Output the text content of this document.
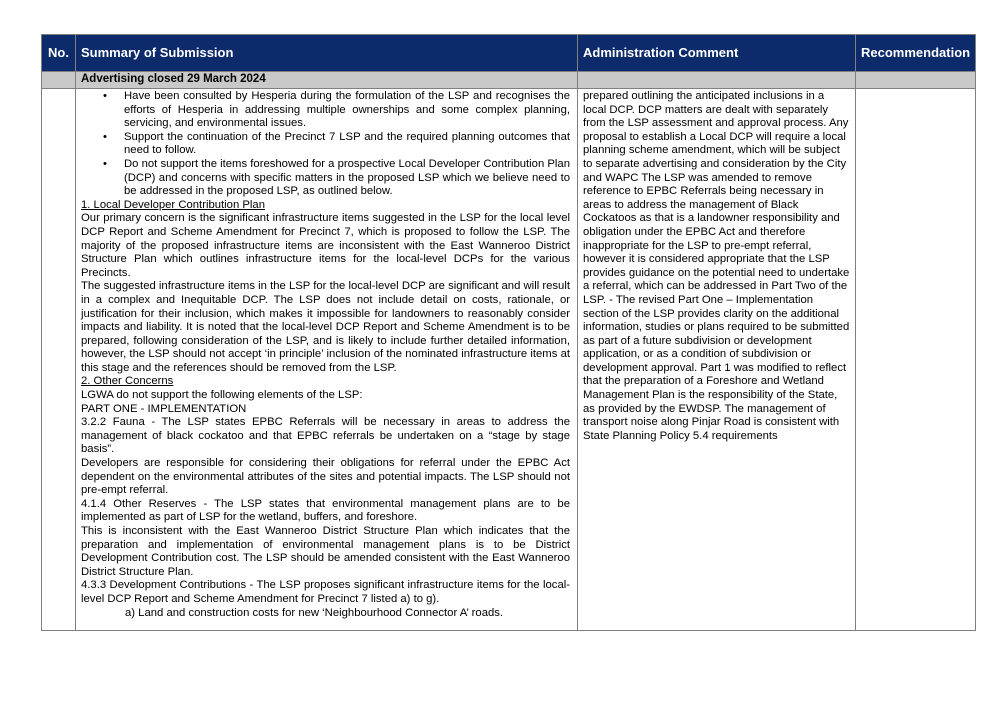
No. Summary of Submission	Administration Comment	Recommendation
Advertising closed 29 March 2024

• Have been consulted by Hesperia during the formulation of the LSP and recognises the efforts of Hesperia in addressing multiple ownerships and some complex planning, servicing, and environmental issues.

• Support the continuation of the Precinct 7 LSP and the required planning outcomes that need to follow.

• Do not support the items foreshowed for a prospective Local Developer Contribution Plan (DCP) and concerns with specific matters in the proposed LSP which we believe need to be addressed in the proposed LSP, as outlined below.

1. Local Developer Contribution Plan

Our primary concern is the significant infrastructure items suggested in the LSP for the local level DCP Report and Scheme Amendment for Precinct 7, which is proposed to follow the LSP. The majority of the proposed infrastructure items are inconsistent with the East Wanneroo District Structure Plan which outlines infrastructure items for the local-level DCPs for the various Precincts.

The suggested infrastructure items in the LSP for the local-level DCP are significant and will result in a complex and Inequitable DCP. The LSP does not include detail on costs, rationale, or justification for their inclusion, which makes it impossible for landowners to reasonably consider impacts and liability. It is noted that the local-level DCP Report and Scheme Amendment is to be prepared, following consideration of the LSP, and is likely to include further detailed information, however, the LSP should not accept ‘in principle’ inclusion of the nominated infrastructure items at this stage and the references should be removed from the LSP.

2. Other Concerns

LGWA do not support the following elements of the LSP:

PART ONE - IMPLEMENTATION

3.2.2 Fauna - The LSP states EPBC Referrals will be necessary in areas to address the management of black cockatoo and that EPBC referrals be undertaken on a “stage by stage basis”.

Developers are responsible for considering their obligations for referral under the EPBC Act dependent on the environmental attributes of the sites and potential impacts. The LSP should not pre-empt referral.

4.1.4 Other Reserves - The LSP states that environmental management plans are to be implemented as part of LSP for the wetland, buffers, and foreshore.

This is inconsistent with the East Wanneroo District Structure Plan which indicates that the preparation and implementation of environmental management plans is to be District Development Contribution cost. The LSP should be amended consistent with the East Wanneroo District Structure Plan.

4.3.3 Development Contributions - The LSP proposes significant infrastructure items for the local-level DCP Report and Scheme Amendment for Precinct 7 listed a) to g).

a) Land and construction costs for new ‘Neighbourhood Connector A’ roads.

prepared outlining the anticipated inclusions in a local DCP. DCP matters are dealt with separately from the LSP assessment and approval process. Any proposal to establish a Local DCP will require a local planning scheme amendment, which will be subject to separate advertising and consideration by the City and WAPC The LSP was amended to remove reference to EPBC Referrals being necessary in areas to address the management of Black Cockatoos as that is a landowner responsibility and obligation under the EPBC Act and therefore inappropriate for the LSP to pre-empt referral, however it is considered appropriate that the LSP provides guidance on the potential need to undertake a referral, which can be addressed in Part Two of the LSP. - The revised Part One – Implementation section of the LSP provides clarity on the additional information, studies or plans required to be submitted as part of a future subdivision or development application, or as a condition of subdivision or development approval. Part 1 was modified to reflect that the preparation of a Foreshore and Wetland Management Plan is the responsibility of the State, as provided by the EWDSP. The management of transport noise along Pinjar Road is consistent with State Planning Policy 5.4 requirements
